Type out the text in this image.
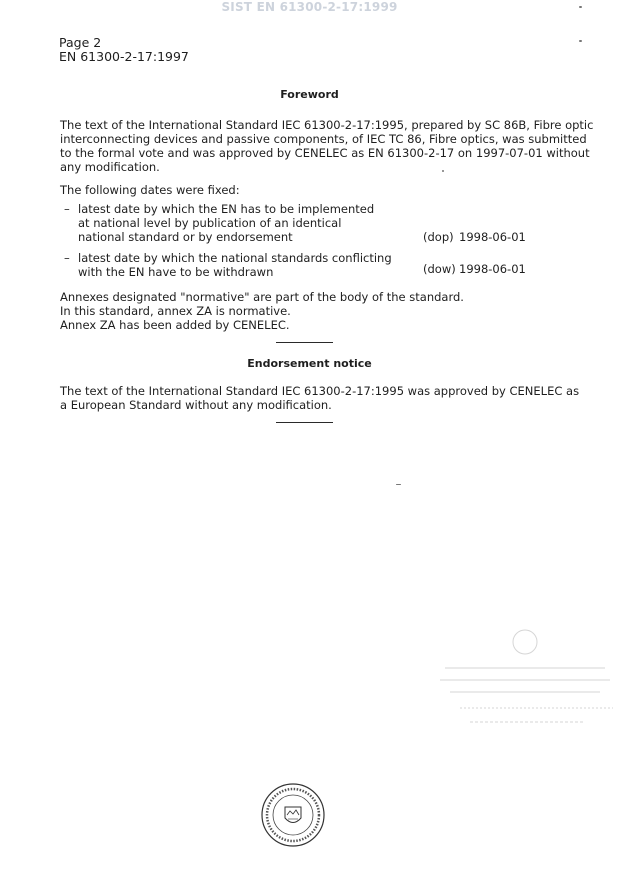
SIST EN 61300-2-17:1999
Page 2
EN 61300-2-17:1997
Foreword
The text of the International Standard IEC 61300-2-17:1995, prepared by SC 86B, Fibre optic
interconnecting devices and passive components, of IEC TC 86, Fibre optics, was submitted
to the formal vote and was approved by CENELEC as EN 61300-2-17 on 1997-07-01 without
any modification.
The following dates were fixed:
– latest date by which the EN has to be implemented
at national level by publication of an identical
national standard or by endorsement	(dop) 1998-06-01
– latest date by which the national standards conflicting
with the EN have to be withdrawn	(dow) 1998-06-01
Annexes designated "normative" are part of the body of the standard.
In this standard, annex ZA is normative.
Annex ZA has been added by CENELEC.
Endorsement notice
The text of the International Standard IEC 61300-2-17:1995 was approved by CENELEC as
a European Standard without any modification.
